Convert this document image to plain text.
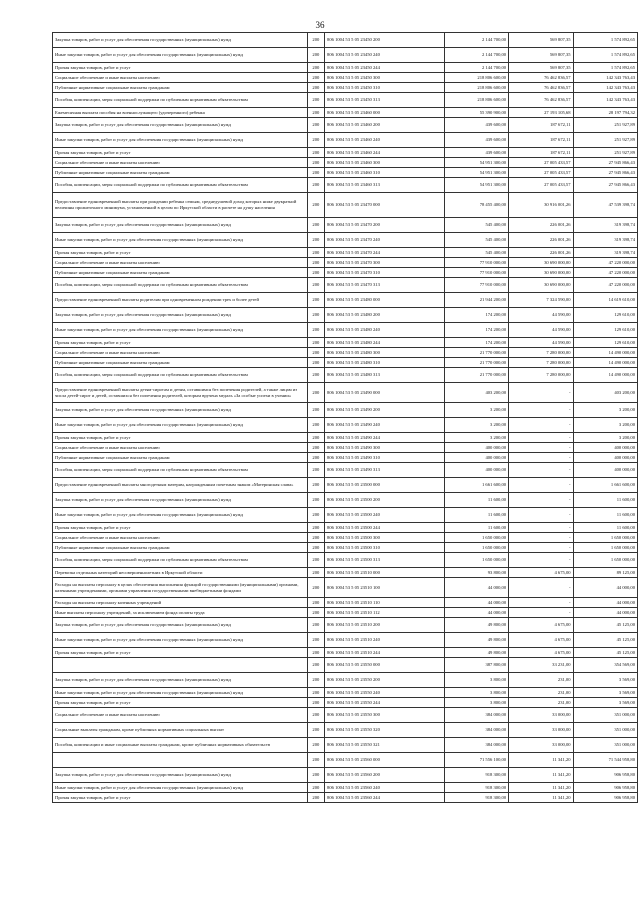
36
Закупка товаров, работ и услуг для обеспечения государственных (муниципальных) нужд	200	806 1004 53 5 05 23450 200	2 144 700,00	569 807,35	1 574 892,65
Иные закупки товаров, работ и услуг для обеспечения государственных (муниципальных) нужд	200	806 1004 53 5 05 23450 240	2 144 700,00	569 807,35	1 574 892,65
Прочая закупка товаров, работ и услуг	200	806 1004 53 5 05 23450 244	2 144 700,00	569 807,35	1 574 892,65
Социальное обеспечение и иные выплаты населению	200	806 1004 53 5 05 23450 300	218 806 600,00	76 462 836,57	142 343 763,43
Публичные нормативные социальные выплаты гражданам	200	806 1004 53 5 05 23450 310	218 806 600,00	76 462 836,57	142 343 763,43
Пособия, компенсации, меры социальной поддержки по публичным нормативным обязательствам	200	806 1004 53 5 05 23450 313	218 806 600,00	76 462 836,57	142 343 763,43
Ежемесячная выплата пособия на военнослужащего (удочеренного) ребенка	200	806 1004 53 5 05 23460 000	55 390 900,00	27 193 105,68	28 197 794,32
Закупка товаров, работ и услуг для обеспечения государственных (муниципальных) нужд	200	806 1004 53 5 05 23460 200	439 600,00	187 672,11	251 927,89
Иные закупки товаров, работ и услуг для обеспечения государственных (муниципальных) нужд	200	806 1004 53 5 05 23460 240	439 600,00	187 672,11	251 927,89
Прочая закупка товаров, работ и услуг	200	806 1004 53 5 05 23460 244	439 600,00	187 672,11	251 927,89
Социальное обеспечение и иные выплаты населению	200	806 1004 53 5 05 23460 300	54 951 300,00	27 005 433,57	27 945 866,43
Публичные нормативные социальные выплаты гражданам	200	806 1004 53 5 05 23460 310	54 951 300,00	27 005 433,57	27 945 866,43
Пособия, компенсации, меры социальной поддержки по публичным нормативным обязательствам	200	806 1004 53 5 05 23460 313	54 951 300,00	27 005 433,57	27 945 866,43
Предоставление единовременной выплаты при рождении ребенка семьям, среднедушевой доход которых ниже двукратной величины прожиточного минимума, установленной в целом по Иркутской области в расчете на душу населения	200	806 1004 53 5 05 23470 000	78 455 400,00	30 916 001,26	47 539 398,74
Закупка товаров, работ и услуг для обеспечения государственных (муниципальных) нужд	200	806 1004 53 5 05 23470 200	545 400,00	226 001,26	319 398,74
Иные закупки товаров, работ и услуг для обеспечения государственных (муниципальных) нужд	200	806 1004 53 5 05 23470 240	545 400,00	226 001,26	319 398,74
Прочая закупка товаров, работ и услуг	200	806 1004 53 5 05 23470 244	545 400,00	226 001,26	319 398,74
Социальное обеспечение и иные выплаты населению	200	806 1004 53 5 05 23470 300	77 910 000,00	30 690 000,00	47 220 000,00
Публичные нормативные социальные выплаты гражданам	200	806 1004 53 5 05 23470 310	77 910 000,00	30 690 000,00	47 220 000,00
Пособия, компенсации, меры социальной поддержки по публичным нормативным обязательствам	200	806 1004 53 5 05 23470 313	77 910 000,00	30 690 000,00	47 220 000,00
Предоставление единовременной выплаты родителям при одновременном рождении трех и более детей	200	806 1004 53 5 05 23480 000	21 944 200,00	7 324 590,00	14 619 610,00
Закупка товаров, работ и услуг для обеспечения государственных (муниципальных) нужд	200	806 1004 53 5 05 23480 200	174 200,00	44 590,00	129 610,00
Иные закупки товаров, работ и услуг для обеспечения государственных (муниципальных) нужд	200	806 1004 53 5 05 23480 240	174 200,00	44 590,00	129 610,00
Прочая закупка товаров, работ и услуг	200	806 1004 53 5 05 23480 244	174 200,00	44 590,00	129 610,00
Социальное обеспечение и иные выплаты населению	200	806 1004 53 5 05 23480 300	21 770 000,00	7 280 000,00	14 490 000,00
Публичные нормативные социальные выплаты гражданам	200	806 1004 53 5 05 23480 310	21 770 000,00	7 280 000,00	14 490 000,00
Пособия, компенсации, меры социальной поддержки по публичным нормативным обязательствам	200	806 1004 53 5 05 23480 313	21 770 000,00	7 280 000,00	14 490 000,00
Предоставление единовременной выплаты детям-сиротам и детям, оставшимся без попечения родителей, а также лицам из числа детей-сирот и детей, оставшихся без попечения родителей, которым вручена медаль «За особые успехи в учении»	200	806 1004 53 5 05 23490 000	403 200,00	-	403 200,00
Закупка товаров, работ и услуг для обеспечения государственных (муниципальных) нужд	200	806 1004 53 5 05 23490 200	3 200,00	-	3 200,00
Иные закупки товаров, работ и услуг для обеспечения государственных (муниципальных) нужд	200	806 1004 53 5 05 23490 240	3 200,00	-	3 200,00
Прочая закупка товаров, работ и услуг	200	806 1004 53 5 05 23490 244	3 200,00	-	3 200,00
Социальное обеспечение и иные выплаты населению	200	806 1004 53 5 05 23490 300	400 000,00	-	400 000,00
Публичные нормативные социальные выплаты гражданам	200	806 1004 53 5 05 23490 310	400 000,00	-	400 000,00
Пособия, компенсации, меры социальной поддержки по публичным нормативным обязательствам	200	806 1004 53 5 05 23490 313	400 000,00	-	400 000,00
Предоставление единовременной выплаты многодетным матерям, награжденным почетным знаком «Материнская слава»	200	806 1004 53 5 05 23500 000	1 661 600,00	-	1 661 600,00
Закупка товаров, работ и услуг для обеспечения государственных (муниципальных) нужд	200	806 1004 53 5 05 23500 200	11 600,00	-	11 600,00
Иные закупки товаров, работ и услуг для обеспечения государственных (муниципальных) нужд	200	806 1004 53 5 05 23500 240	11 600,00	-	11 600,00
Прочая закупка товаров, работ и услуг	200	806 1004 53 5 05 23500 244	11 600,00	-	11 600,00
Социальное обеспечение и иные выплаты населению	200	806 1004 53 5 05 23500 300	1 650 000,00	-	1 650 000,00
Публичные нормативные социальные выплаты гражданам	200	806 1004 53 5 05 23500 310	1 650 000,00	-	1 650 000,00
Пособия, компенсации, меры социальной поддержки по публичным нормативным обязательствам	200	806 1004 53 5 05 23500 313	1 650 000,00	-	1 650 000,00
Перевозка отдельных категорий несовершеннолетних в Иркутской области	200	806 1004 53 5 05 23510 000	93 800,00	4 675,00	89 125,00
Расходы на выплаты персоналу в целях обеспечения выполнения функций государственными (муниципальными) органами, казенными учреждениями, органами управления государственными внебюджетными фондами	200	806 1004 53 5 05 23510 100	44 000,00	-	44 000,00
Расходы на выплаты персоналу казенных учреждений	200	806 1004 53 5 05 23510 110	44 000,00	-	44 000,00
Иные выплаты персоналу учреждений, за исключением фонда оплаты труда	200	806 1004 53 5 05 23510 112	44 000,00	-	44 000,00
Закупка товаров, работ и услуг для обеспечения государственных (муниципальных) нужд	200	806 1004 53 5 05 23510 200	49 800,00	4 675,00	45 125,00
Иные закупки товаров, работ и услуг для обеспечения государственных (муниципальных) нужд	200	806 1004 53 5 05 23510 240	49 800,00	4 675,00	45 125,00
Прочая закупка товаров, работ и услуг	200	806 1004 53 5 05 23510 244	49 800,00	4 675,00	45 125,00
	200	806 1004 53 5 05 23550 000	387 800,00	33 231,00	354 569,00
Закупка товаров, работ и услуг для обеспечения государственных (муниципальных) нужд	200	806 1004 53 5 05 23550 200	3 800,00	231,00	3 569,00
Иные закупки товаров, работ и услуг для обеспечения государственных (муниципальных) нужд	200	806 1004 53 5 05 23550 240	3 800,00	231,00	3 569,00
Прочая закупка товаров, работ и услуг	200	806 1004 53 5 05 23550 244	3 800,00	231,00	3 569,00
Социальное обеспечение и иные выплаты населению	200	806 1004 53 5 05 23550 300	384 000,00	33 000,00	351 000,00
Социальные выплаты гражданам, кроме публичных нормативных социальных выплат	200	806 1004 53 5 05 23550 320	384 000,00	33 000,00	351 000,00
Пособия, компенсации и иные социальные выплаты гражданам, кроме публичных нормативных обязательств	200	806 1004 53 5 05 23550 321	384 000,00	33 000,00	351 000,00
	200	806 1004 53 5 05 23560 000	71 556 100,00	11 341,20	71 544 958,80
Закупка товаров, работ и услуг для обеспечения государственных (муниципальных) нужд	200	806 1004 53 5 05 23560 200	918 300,00	11 341,20	906 958,80
Иные закупки товаров, работ и услуг для обеспечения государственных (муниципальных) нужд	200	806 1004 53 5 05 23560 240	918 300,00	11 341,20	906 958,80
Прочая закупка товаров, работ и услуг	200	806 1004 53 5 05 23560 244	918 300,00	11 341,20	906 958,80
